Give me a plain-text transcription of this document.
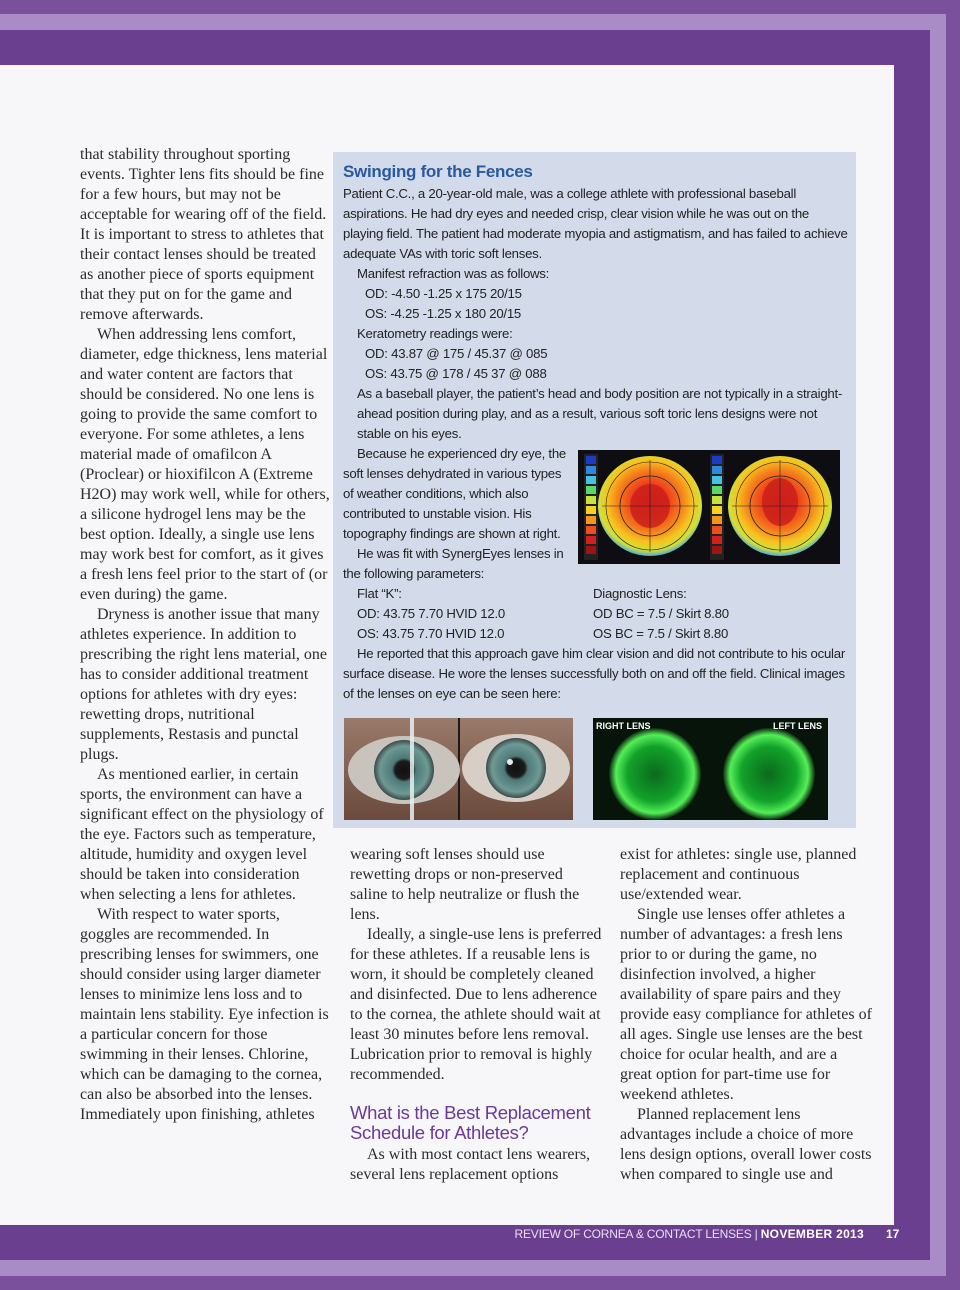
that stability throughout sporting events. Tighter lens fits should be fine for a few hours, but may not be acceptable for wearing off of the field. It is important to stress to athletes that their contact lenses should be treated as another piece of sports equipment that they put on for the game and remove afterwards.

When addressing lens comfort, diameter, edge thickness, lens material and water content are factors that should be considered. No one lens is going to provide the same comfort to everyone. For some athletes, a lens material made of omafilcon A (Proclear) or hioxifilcon A (Extreme H2O) may work well, while for others, a silicone hydrogel lens may be the best option. Ideally, a single use lens may work best for comfort, as it gives a fresh lens feel prior to the start of (or even during) the game.

Dryness is another issue that many athletes experience. In addition to prescribing the right lens material, one has to consider additional treatment options for athletes with dry eyes: rewetting drops, nutritional supplements, Restasis and punctal plugs.

As mentioned earlier, in certain sports, the environment can have a significant effect on the physiology of the eye. Factors such as temperature, altitude, humidity and oxygen level should be taken into consideration when selecting a lens for athletes.

With respect to water sports, goggles are recommended. In prescribing lenses for swimmers, one should consider using larger diameter lenses to minimize lens loss and to maintain lens stability. Eye infection is a particular concern for those swimming in their lenses. Chlorine, which can be damaging to the cornea, can also be absorbed into the lenses. Immediately upon finishing, athletes

Swinging for the Fences

Patient C.C., a 20-year-old male, was a college athlete with professional baseball aspirations. He had dry eyes and needed crisp, clear vision while he was out on the playing field. The patient had moderate myopia and astigmatism, and has failed to achieve adequate VAs with toric soft lenses.

Manifest refraction was as follows:

OD: -4.50 -1.25 x 175 20/15

OS: -4.25 -1.25 x 180 20/15

Keratometry readings were:

OD: 43.87 @ 175 / 45.37 @ 085

OS: 43.75 @ 178 / 45 37 @ 088

As a baseball player, the patient’s head and body position are not typically in a straight-ahead position during play, and as a result, various soft toric lens designs were not stable on his eyes.

Because he experienced dry eye, the soft lenses dehydrated in various types of weather conditions, which also contributed to unstable vision. His topography findings are shown at right.

He was fit with SynergEyes lenses in the following parameters:

Flat “K”:	Diagnostic Lens:
OD: 43.75 7.70 HVID 12.0	OD BC = 7.5 / Skirt 8.80
OS: 43.75 7.70 HVID 12.0	OS BC = 7.5 / Skirt 8.80

He reported that this approach gave him clear vision and did not contribute to his ocular surface disease. He wore the lenses successfully both on and off the field. Clinical images of the lenses on eye can be seen here:

RIGHT LENS	LEFT LENS

wearing soft lenses should use rewetting drops or non-preserved saline to help neutralize or flush the lens.

Ideally, a single-use lens is preferred for these athletes. If a reusable lens is worn, it should be completely cleaned and disinfected. Due to lens adherence to the cornea, the athlete should wait at least 30 minutes before lens removal. Lubrication prior to removal is highly recommended.

What is the Best Replacement Schedule for Athletes?

As with most contact lens wearers, several lens replacement options

exist for athletes: single use, planned replacement and continuous use/extended wear.

Single use lenses offer athletes a number of advantages: a fresh lens prior to or during the game, no disinfection involved, a higher availability of spare pairs and they provide easy compliance for athletes of all ages. Single use lenses are the best choice for ocular health, and are a great option for part-time use for weekend athletes.

Planned replacement lens advantages include a choice of more lens design options, overall lower costs when compared to single use and

REVIEW OF CORNEA & CONTACT LENSES | NOVEMBER 2013 17
